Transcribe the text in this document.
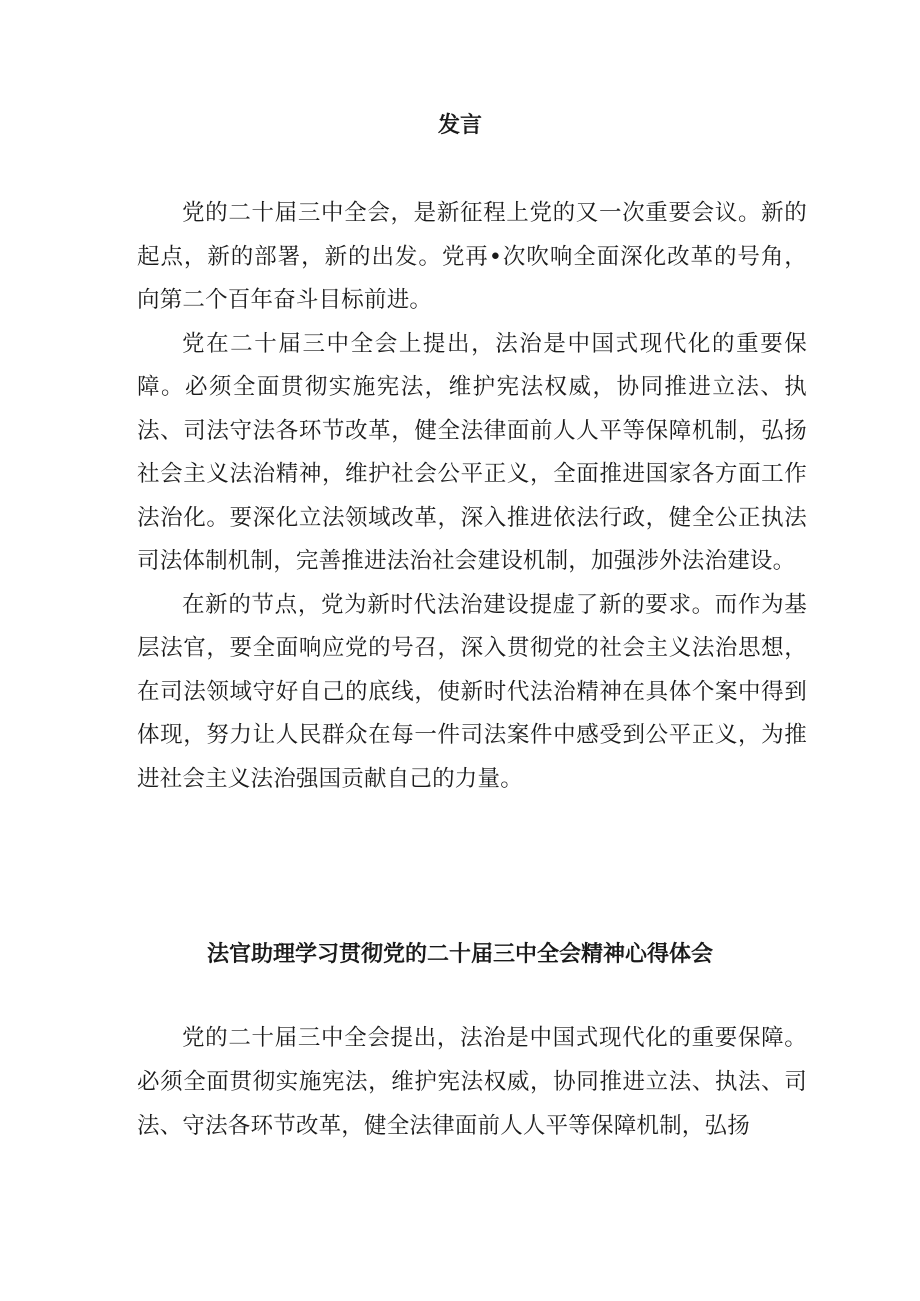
发言

党的二十届三中全会，是新征程上党的又一次重要会议。新的起点，新的部署，新的出发。党再•次吹响全面深化改革的号角，向第二个百年奋斗目标前进。

党在二十届三中全会上提出，法治是中国式现代化的重要保障。必须全面贯彻实施宪法，维护宪法权威，协同推进立法、执法、司法守法各环节改革，健全法律面前人人平等保障机制，弘扬社会主义法治精神，维护社会公平正义，全面推进国家各方面工作法治化。要深化立法领域改革，深入推进依法行政，健全公正执法司法体制机制，完善推进法治社会建设机制，加强涉外法治建设。

在新的节点，党为新时代法治建设提虚了新的要求。而作为基层法官，要全面响应党的号召，深入贯彻党的社会主义法治思想，在司法领域守好自己的底线，使新时代法治精神在具体个案中得到体现，努力让人民群众在每一件司法案件中感受到公平正义，为推进社会主义法治强国贡献自己的力量。

法官助理学习贯彻党的二十届三中全会精神心得体会

党的二十届三中全会提出，法治是中国式现代化的重要保障。必须全面贯彻实施宪法，维护宪法权威，协同推进立法、执法、司法、守法各环节改革，健全法律面前人人平等保障机制，弘扬
